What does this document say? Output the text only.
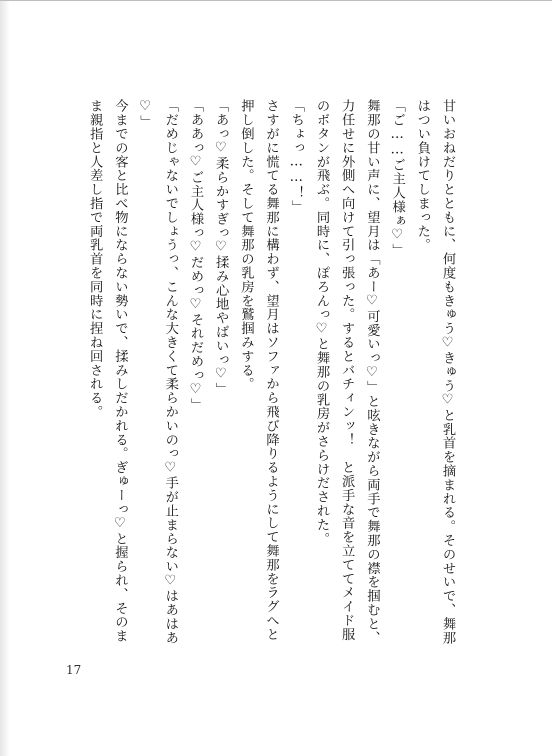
甘いおねだりとともに、何度もきゅう♡きゅう♡と乳首を摘まれる。そのせいで、舞那
はつい負けてしまった。
「ご……ご主人様ぁ♡」
舞那の甘い声に、望月は「あー♡可愛いっ♡」と呟きながら両手で舞那の襟を掴むと、
力任せに外側へ向けて引っ張った。するとバチィンッ！　と派手な音を立ててメイド服
のボタンが飛ぶ。同時に、ぽろんっ♡と舞那の乳房がさらけだされた。
「ちょっ……！」
さすがに慌てる舞那に構わず、望月はソファから飛び降りるようにして舞那をラグへと
押し倒した。そして舞那の乳房を鷲掴みする。
「あっ♡柔らかすぎっ♡揉み心地やばいっ♡」
「ああっ♡ご主人様っ♡だめっ♡それだめっ♡」
「だめじゃないでしょうっ、こんな大きくて柔らかいのっ♡手が止まらない♡はあはあ
♡」
今までの客と比べ物にならない勢いで、揉みしだかれる。ぎゅーっ♡と握られ、そのま
ま親指と人差し指で両乳首を同時に捏ね回される。
17
